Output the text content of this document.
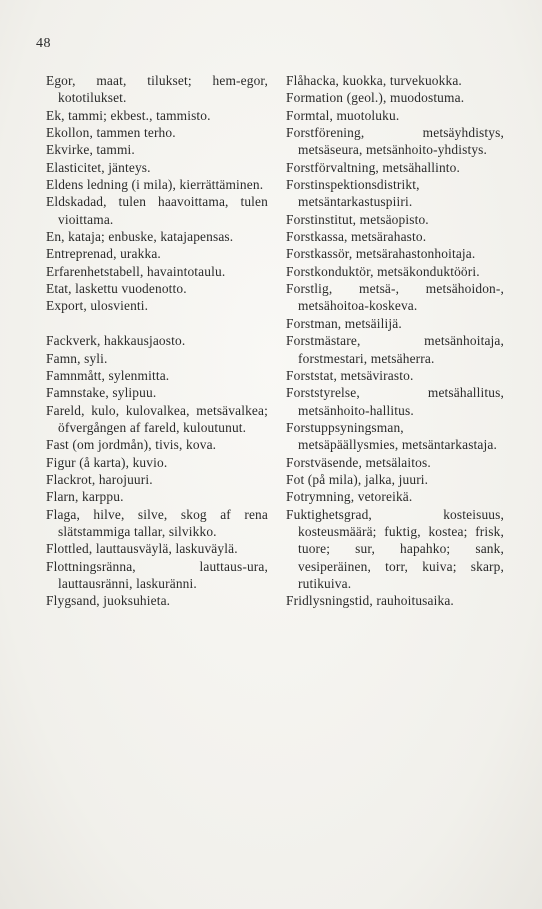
48

Egor, maat, tilukset; hem-egor, kototilukset.

Ek, tammi; ekbest., tammisto.

Ekollon, tammen terho.

Ekvirke, tammi.

Elasticitet, jänteys.

Eldens ledning (i mila), kierrättäminen.

Eldskadad, tulen haavoittama, tulen vioittama.

En, kataja; enbuske, katajapensas.

Entreprenad, urakka.

Erfarenhetstabell, havaintotaulu.

Etat, laskettu vuodenotto.

Export, ulosvienti.

Fackverk, hakkausjaosto.

Famn, syli.

Famnmått, sylenmitta.

Famnstake, sylipuu.

Fareld, kulo, kulovalkea, metsävalkea; öfvergången af fareld, kuloutunut.

Fast (om jordmån), tivis, kova.

Figur (å karta), kuvio.

Flackrot, harojuuri.

Flarn, karppu.

Flaga, hilve, silve, skog af rena slätstammiga tallar, silvikko.

Flottled, lauttausväylä, laskuväylä.

Flottningsränna, lauttaus-ura, lauttausränni, laskuränni.

Flygsand, juoksuhieta.

Flåhacka, kuokka, turvekuokka.

Formation (geol.), muodostuma.

Formtal, muotoluku.

Forstförening, metsäyhdistys, metsäseura, metsänhoito-yhdistys.

Forstförvaltning, metsähallinto.

Forstinspektionsdistrikt, metsäntarkastuspiiri.

Forstinstitut, metsäopisto.

Forstkassa, metsärahasto.

Forstkassör, metsärahastonhoitaja.

Forstkonduktör, metsäkonduktööri.

Forstlig, metsä-, metsähoidon-, metsähoitoa-koskeva.

Forstman, metsäilijä.

Forstmästare, metsänhoitaja, forstmestari, metsäherra.

Forststat, metsävirasto.

Forststyrelse, metsähallitus, metsänhoito-hallitus.

Forstuppsyningsman, metsäpäällysmies, metsäntarkastaja.

Forstväsende, metsälaitos.

Fot (på mila), jalka, juuri.

Fotrymning, vetoreikä.

Fuktighetsgrad, kosteisuus, kosteusmäärä; fuktig, kostea; frisk, tuore; sur, hapahko; sank, vesiperäinen, torr, kuiva; skarp, rutikuiva.

Fridlysningstid, rauhoitusaika.
